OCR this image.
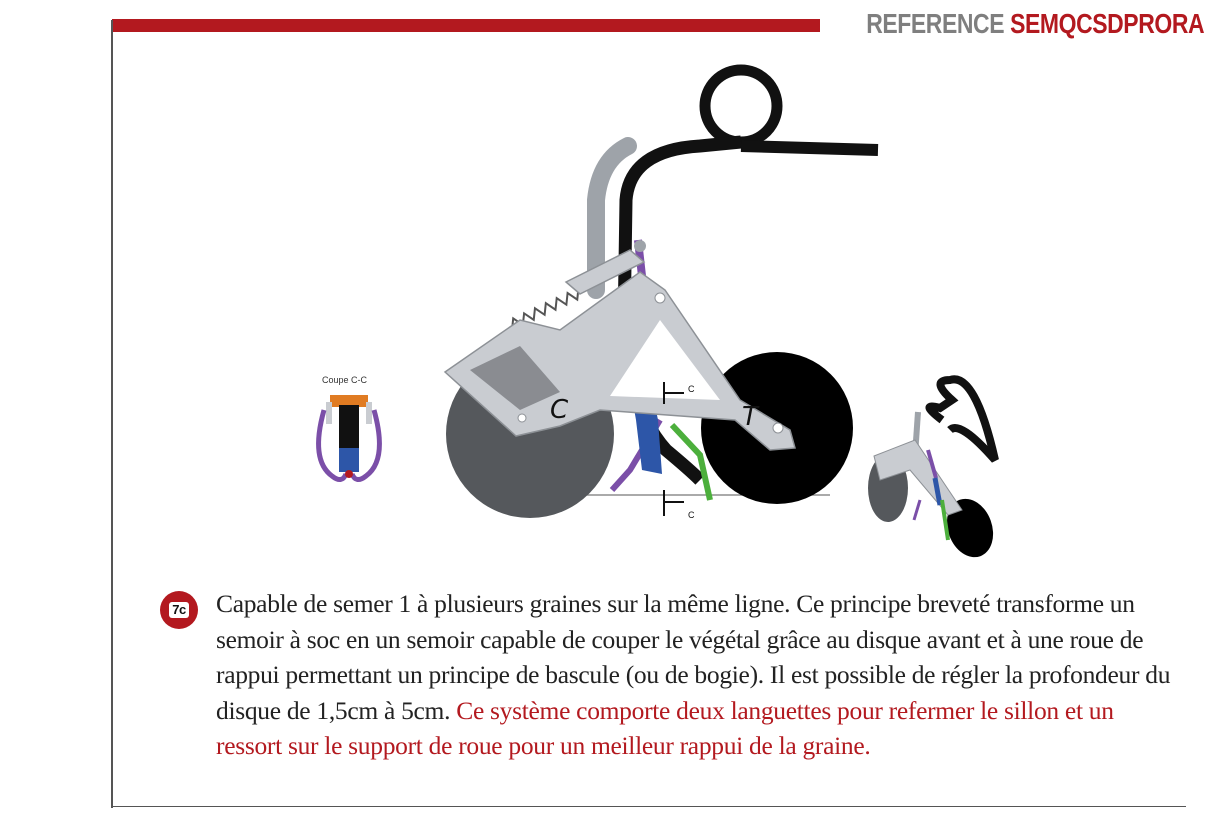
REFERENCE SEMQCSDPRORA
Coupe C-C
C
C
C	T
7c Capable de semer 1 à plusieurs graines sur la même ligne. Ce principe breveté transforme un semoir à soc en un semoir capable de couper le végétal grâce au disque avant et à une roue de rappui permettant un principe de bascule (ou de bogie). Il est possible de régler la profondeur du disque de 1,5cm à 5cm. Ce système comporte deux languettes pour refermer le sillon et un ressort sur le support de roue pour un meilleur rappui de la graine.
